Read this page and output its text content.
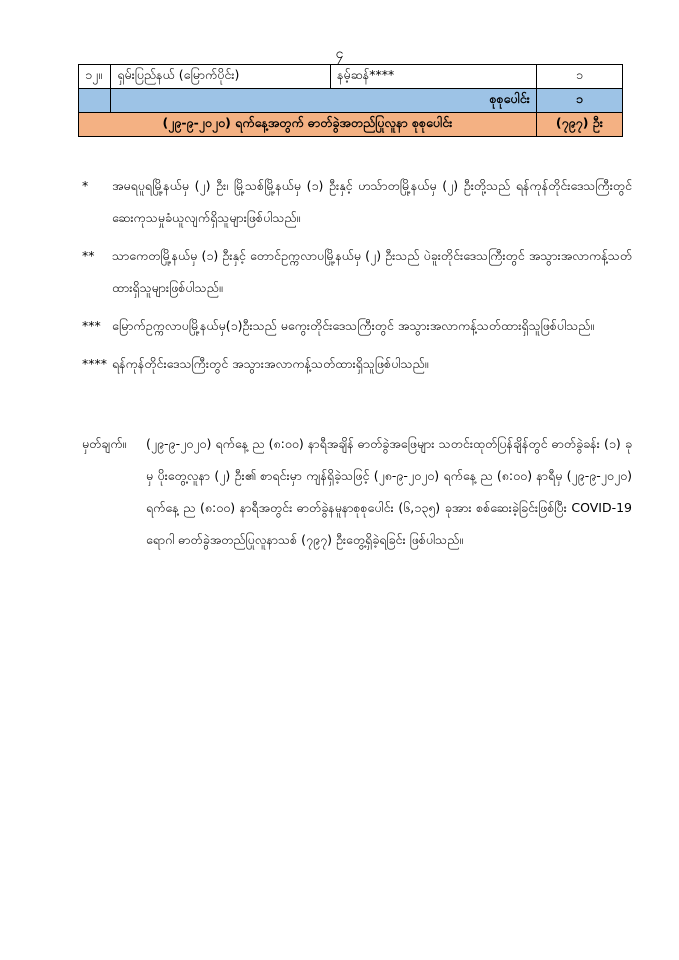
၄
၁၂။	ရှမ်းပြည်နယ် (မြောက်ပိုင်း)	နမ့်ဆန်****	၁
	စုစုပေါင်း		၁
(၂၉-၉-၂၀၂၀) ရက်နေ့အတွက် ဓာတ်ခွဲအတည်ပြုလူနာ စုစုပေါင်း			(၇၉၇) ဦး
*	အမရပူရမြို့နယ်မှ (၂) ဦး၊ မြို့သစ်မြို့နယ်မှ (၁) ဦးနှင့် ဟသ်ာတမြို့နယ်မှ (၂) ဦးတို့သည် ရန်ကုန်တိုင်းဒေသကြီးတွင် ဆေးကုသမှုခံယူလျက်ရှိသူများဖြစ်ပါသည်။
**	သာကေတမြို့နယ်မှ (၁) ဦးနှင့် တောင်ဥက္ကလာပမြို့နယ်မှ (၂) ဦးသည် ပဲခူးတိုင်းဒေသကြီးတွင် အသွားအလာကန့်သတ်ထားရှိသူများဖြစ်ပါသည်။
*** မြောက်ဥက္ကလာပမြို့နယ်မှ(၁)ဦးသည် မကွေးတိုင်းဒေသကြီးတွင် အသွားအလာကန့်သတ်ထားရှိသူဖြစ်ပါသည်။
**** ရန်ကုန်တိုင်းဒေသကြီးတွင် အသွားအလာကန့်သတ်ထားရှိသူဖြစ်ပါသည်။
မှတ်ချက်။	(၂၉-၉-၂၀၂၀) ရက်နေ့ ည (၈:၀၀) နာရီအချိန် ဓာတ်ခွဲအဖြေများ သတင်းထုတ်ပြန်ချိန်တွင် ဓာတ်ခွဲခန်း (၁) ခုမှ ပိုးတွေ့လူနာ (၂) ဦး၏ စာရင်းမှာ ကျန်ရှိခဲ့သဖြင့် (၂၈-၉-၂၀၂၀) ရက်နေ့ ည (၈:၀၀) နာရီမှ (၂၉-၉-၂၀၂၀) ရက်နေ့ ည (၈:၀၀) နာရီအတွင်း ဓာတ်ခွဲနမူနာစုစုပေါင်း (၆,၁၃၅) ခုအား စစ်ဆေးခဲ့ခြင်းဖြစ်ပြီး COVID-19 ရောဂါ ဓာတ်ခွဲအတည်ပြုလူနာသစ် (၇၉၇) ဦးတွေ့ရှိခဲ့ရခြင်း ဖြစ်ပါသည်။
